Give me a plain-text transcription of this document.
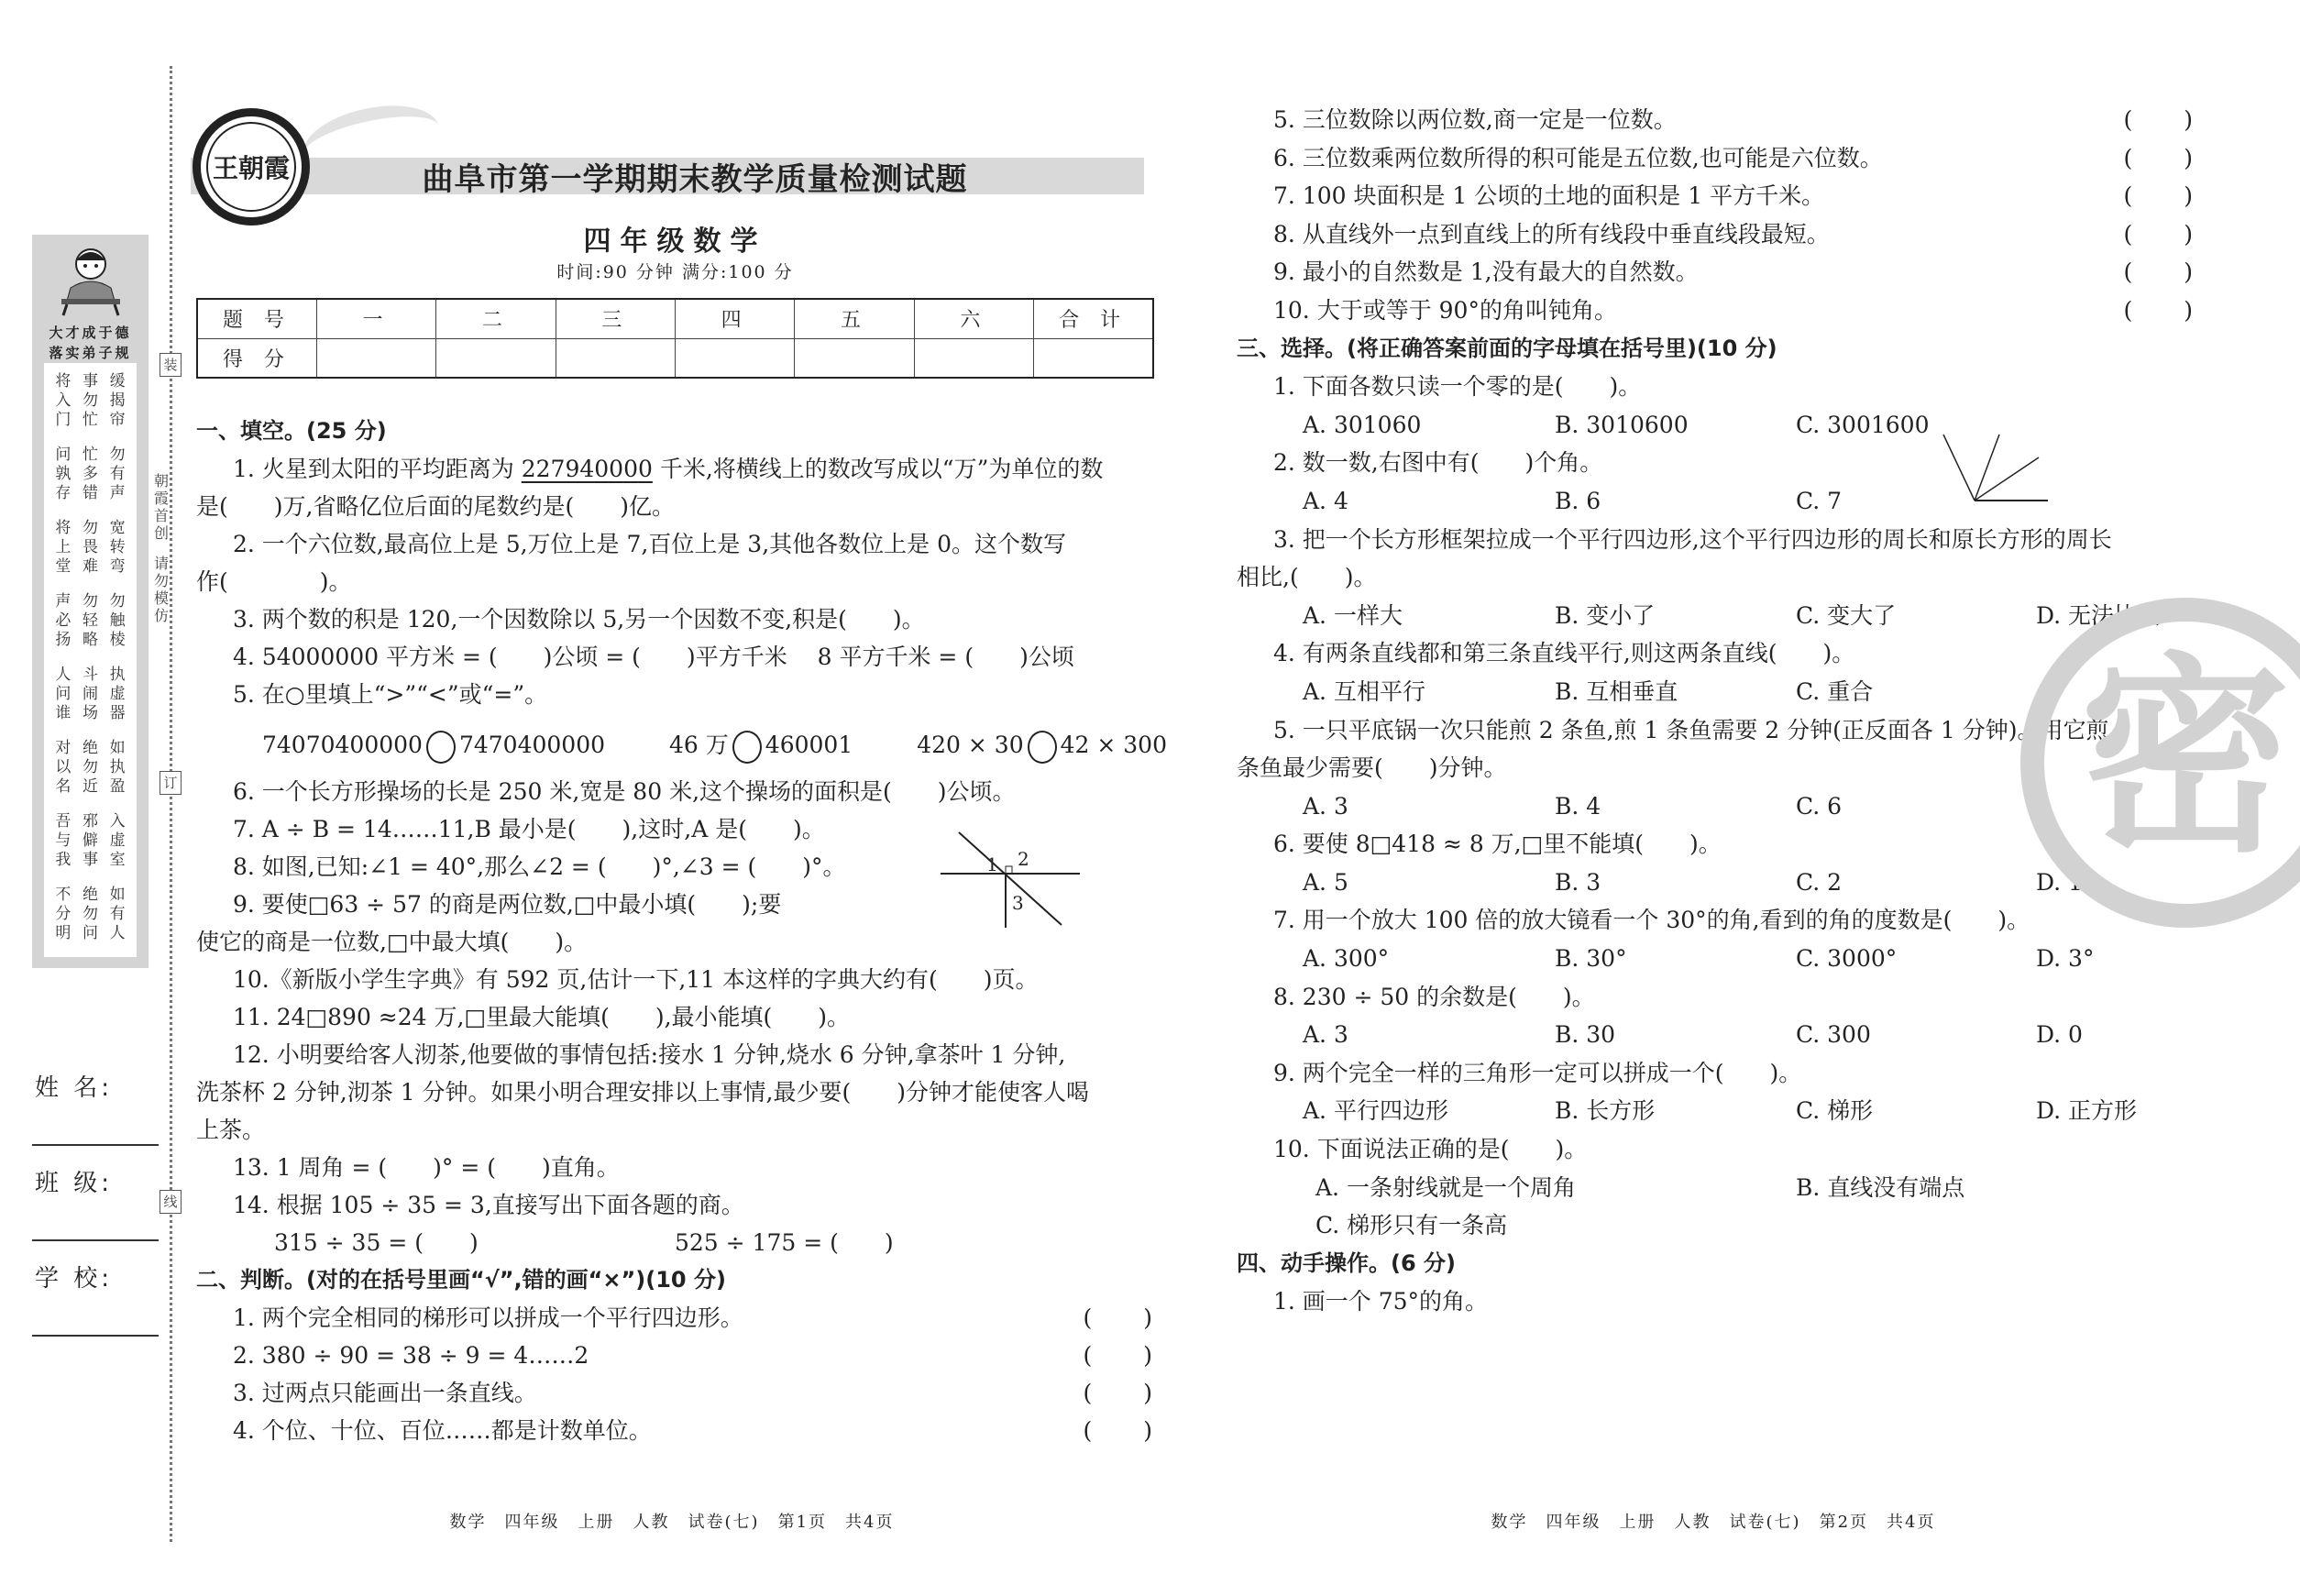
装
订
线
朝霞首创
请勿模仿
大才成于德
落实弟子规
将入门
事勿忙
缓揭帘
问孰存
忙多错
勿有声
将上堂
勿畏难
宽转弯
声必扬
勿轻略
勿触棱
人问谁
斗闹场
执虚器
对以名
绝勿近
如执盈
吾与我
邪僻事
入虚室
不分明
绝勿问
如有人
姓 名:
班 级:
学 校:
曲阜市第一学期期末教学质量检测试题
王朝霞
四年级数学
时间:90 分钟 满分:100 分
题 号	一	二	三	四	五	六	合 计
得 分							
一、填空。(25 分)
1. 火星到太阳的平均距离为 227940000 千米,将横线上的数改写成以“万”为单位的数
是(　　)万,省略亿位后面的尾数约是(　　)亿。
2. 一个六位数,最高位上是 5,万位上是 7,百位上是 3,其他各数位上是 0。这个数写
作(　　　　)。
3. 两个数的积是 120,一个因数除以 5,另一个因数不变,积是(　　)。
4. 54000000 平方米 = (　　)公顷 = (　　)平方千米　 8 平方千米 = (　　)公顷
5. 在○里填上“>”“<”或“=”。
74070400000 7470400000	46 万 460001	420 × 30 42 × 300
6. 一个长方形操场的长是 250 米,宽是 80 米,这个操场的面积是(　　)公顷。
7. A ÷ B = 14……11,B 最小是(　　),这时,A 是(　　)。
8. 如图,已知:∠1 = 40°,那么∠2 = (　　)°,∠3 = (　　)°。
9. 要使□63 ÷ 57 的商是两位数,□中最小填(　　);要
使它的商是一位数,□中最大填(　　)。
10.《新版小学生字典》有 592 页,估计一下,11 本这样的字典大约有(　　)页。
11. 24□890 ≈24 万,□里最大能填(　　),最小能填(　　)。
12. 小明要给客人沏茶,他要做的事情包括:接水 1 分钟,烧水 6 分钟,拿茶叶 1 分钟,
洗茶杯 2 分钟,沏茶 1 分钟。如果小明合理安排以上事情,最少要(　　)分钟才能使客人喝
上茶。
13. 1 周角 = (　　)° = (　　)直角。
14. 根据 105 ÷ 35 = 3,直接写出下面各题的商。
315 ÷ 35 = (　　)	525 ÷ 175 = (　　)
二、判断。(对的在括号里画“√”,错的画“×”)(10 分)
1. 两个完全相同的梯形可以拼成一个平行四边形。	(　　)
2. 380 ÷ 90 = 38 ÷ 9 = 4……2	(　　)
3. 过两点只能画出一条直线。	(　　)
4. 个位、十位、百位……都是计数单位。	(　　)
5. 三位数除以两位数,商一定是一位数。	(　　)
6. 三位数乘两位数所得的积可能是五位数,也可能是六位数。	(　　)
7. 100 块面积是 1 公顷的土地的面积是 1 平方千米。	(　　)
8. 从直线外一点到直线上的所有线段中垂直线段最短。	(　　)
9. 最小的自然数是 1,没有最大的自然数。	(　　)
10. 大于或等于 90°的角叫钝角。	(　　)
三、选择。(将正确答案前面的字母填在括号里)(10 分)
1. 下面各数只读一个零的是(　　)。
A. 301060	B. 3010600	C. 3001600
2. 数一数,右图中有(　　)个角。
A. 4	B. 6	C. 7
3. 把一个长方形框架拉成一个平行四边形,这个平行四边形的周长和原长方形的周长
相比,(　　)。
A. 一样大	B. 变小了	C. 变大了	D. 无法比较
4. 有两条直线都和第三条直线平行,则这两条直线(　　)。
A. 互相平行	B. 互相垂直	C. 重合
5. 一只平底锅一次只能煎 2 条鱼,煎 1 条鱼需要 2 分钟(正反面各 1 分钟)。用它煎 3
条鱼最少需要(　　)分钟。
A. 3	B. 4	C. 6
6. 要使 8□418 ≈ 8 万,□里不能填(　　)。
A. 5	B. 3	C. 2	D. 1
7. 用一个放大 100 倍的放大镜看一个 30°的角,看到的角的度数是(　　)。
A. 300°	B. 30°	C. 3000°	D. 3°
8. 230 ÷ 50 的余数是(　　)。
A. 3	B. 30	C. 300	D. 0
9. 两个完全一样的三角形一定可以拼成一个(　　)。
A. 平行四边形	B. 长方形	C. 梯形	D. 正方形
10. 下面说法正确的是(　　)。
A. 一条射线就是一个周角	B. 直线没有端点
C. 梯形只有一条高
四、动手操作。(6 分)
1. 画一个 75°的角。
1 2
3
密
数学　四年级　上册　人教　试卷(七)　第1页　共4页	数学　四年级　上册　人教　试卷(七)　第2页　共4页
